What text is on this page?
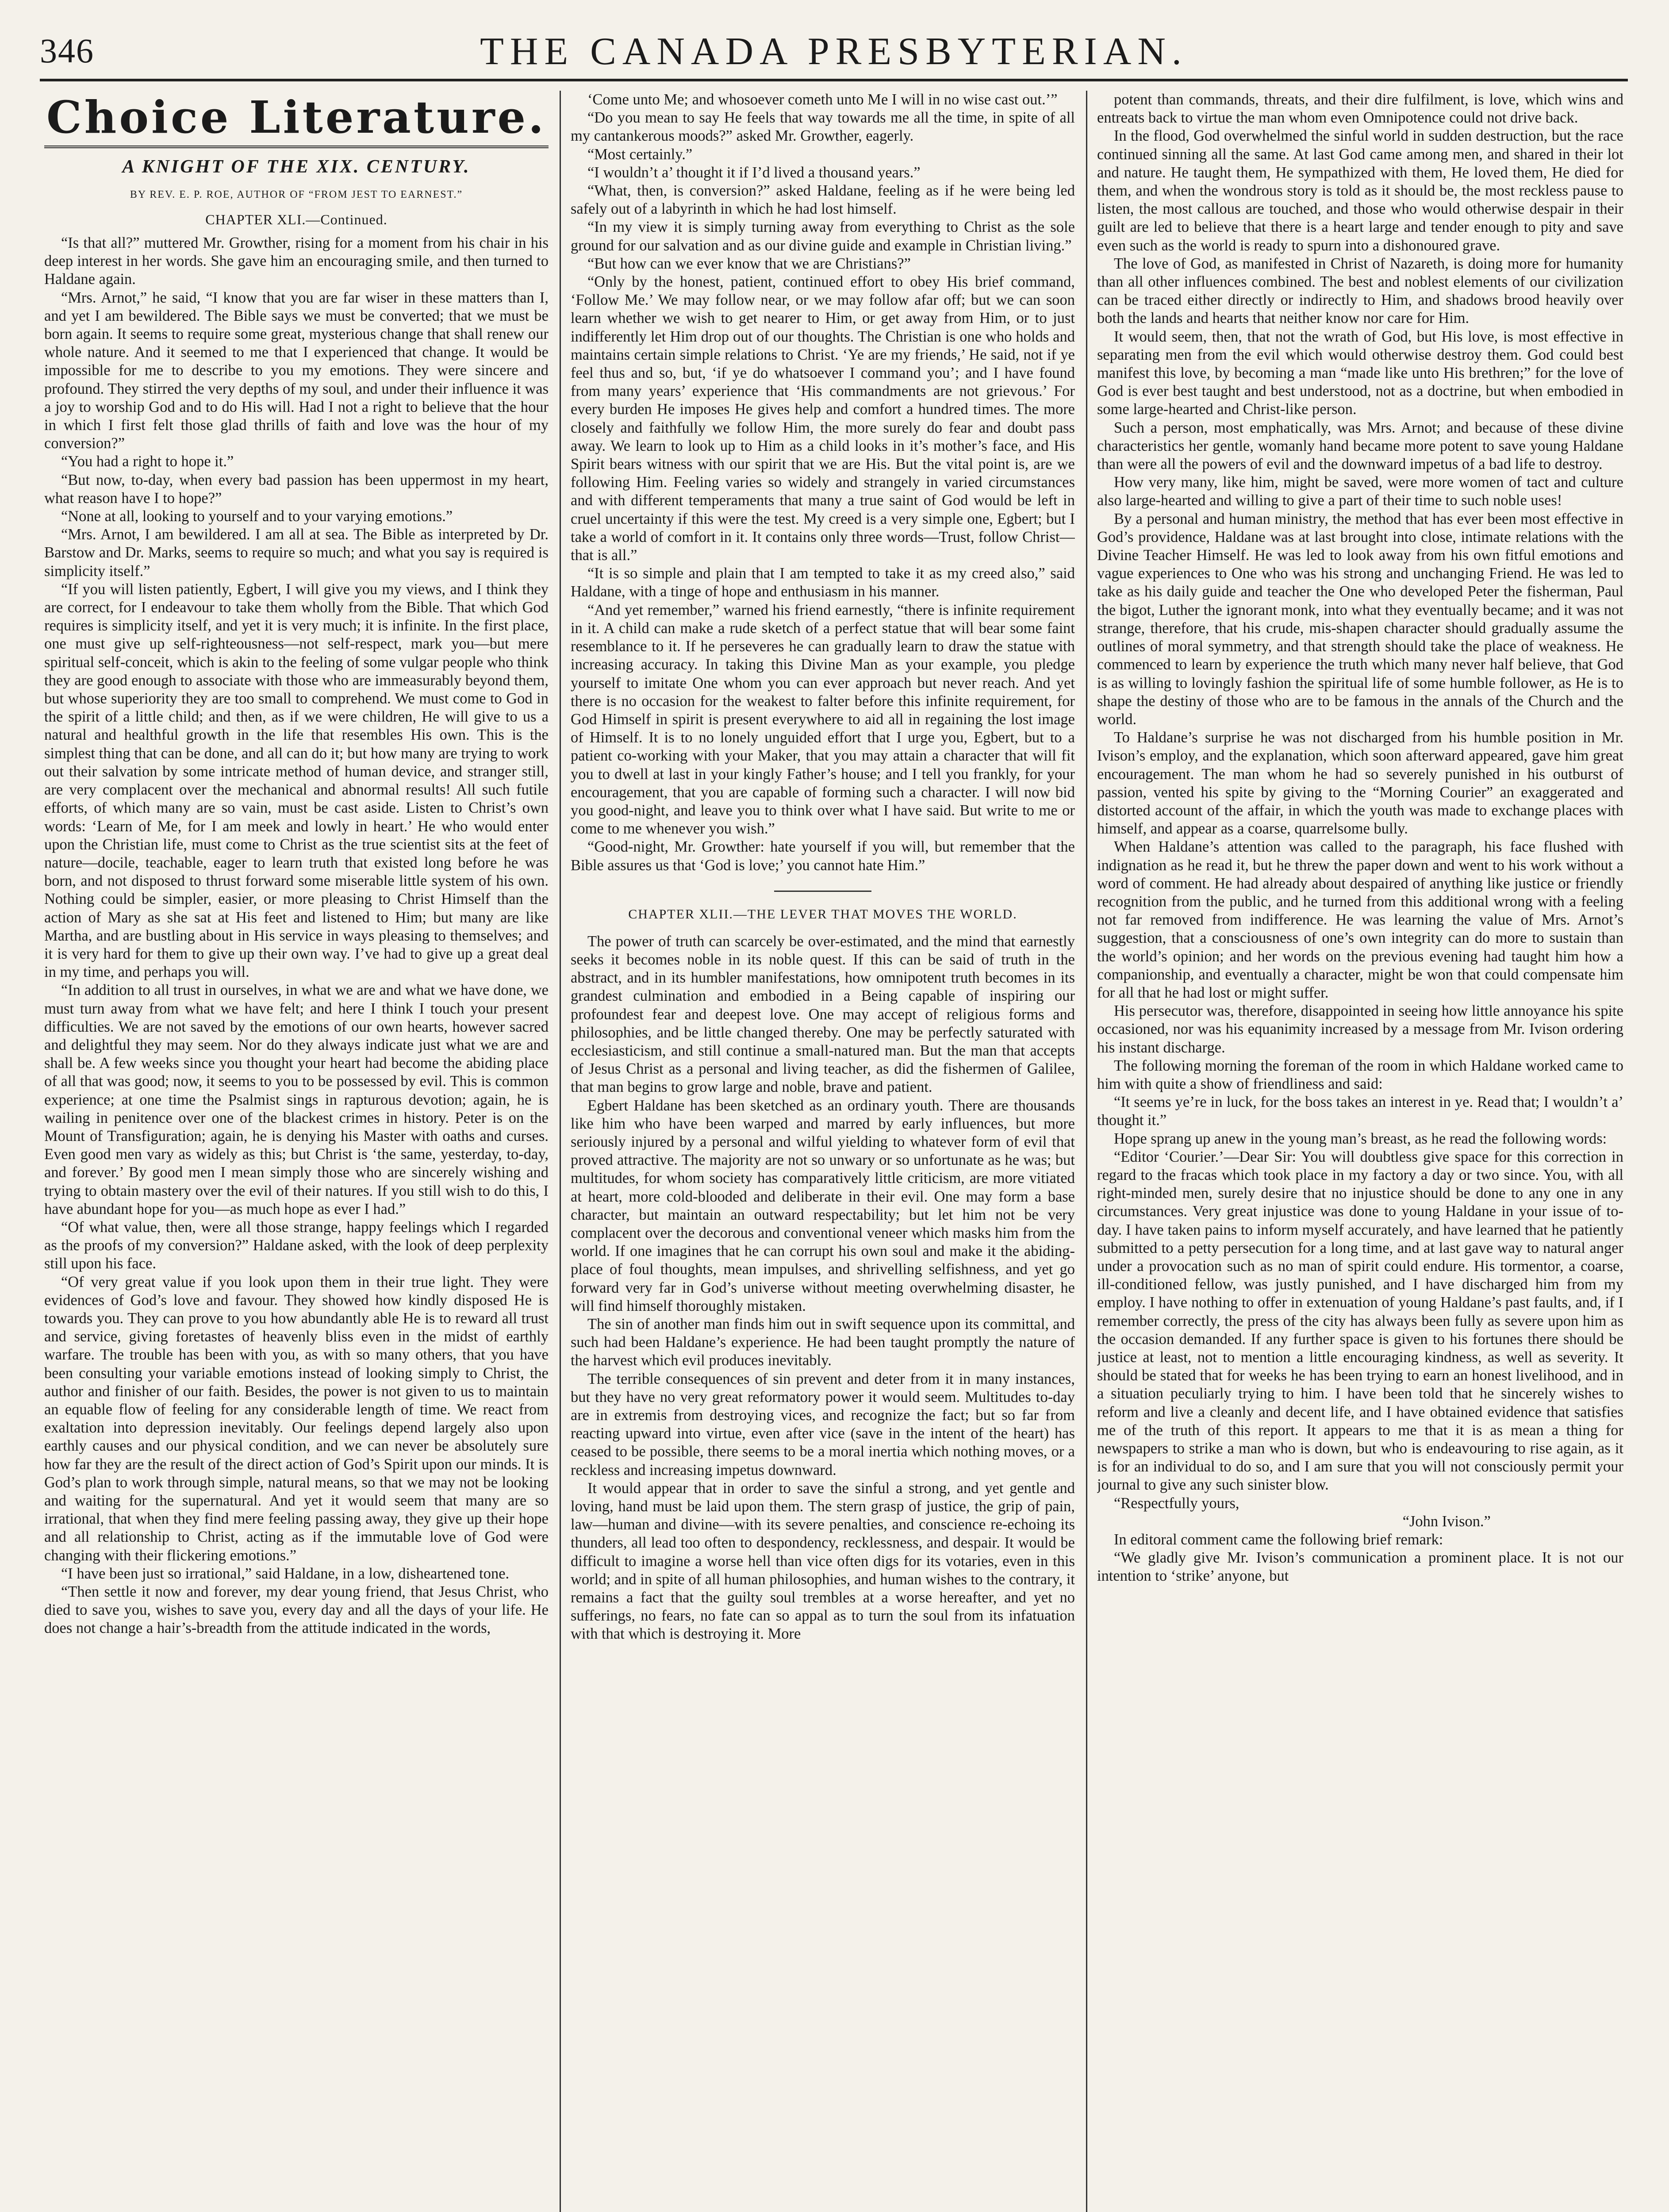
346	THE CANADA PRESBYTERIAN.
Choice Literature.
A KNIGHT OF THE XIX. CENTURY.
BY REV. E. P. ROE, AUTHOR OF “FROM JEST TO EARNEST.”
CHAPTER XLI.—Continued.

“Is that all?” muttered Mr. Growther, rising for a moment from his chair in his deep interest in her words. She gave him an encouraging smile, and then turned to Haldane again.

“Mrs. Arnot,” he said, “I know that you are far wiser in these matters than I, and yet I am bewildered. The Bible says we must be converted; that we must be born again. It seems to require some great, mysterious change that shall renew our whole nature. And it seemed to me that I experienced that change. It would be impossible for me to describe to you my emotions. They were sincere and profound. They stirred the very depths of my soul, and under their influence it was a joy to worship God and to do His will. Had I not a right to believe that the hour in which I first felt those glad thrills of faith and love was the hour of my conversion?”

“You had a right to hope it.”

“But now, to-day, when every bad passion has been uppermost in my heart, what reason have I to hope?”

“None at all, looking to yourself and to your varying emotions.”

“Mrs. Arnot, I am bewildered. I am all at sea. The Bible as interpreted by Dr. Barstow and Dr. Marks, seems to require so much; and what you say is required is simplicity itself.”

“If you will listen patiently, Egbert, I will give you my views, and I think they are correct, for I endeavour to take them wholly from the Bible. That which God requires is simplicity itself, and yet it is very much; it is infinite. In the first place, one must give up self-righteousness—not self-respect, mark you—but mere spiritual self-conceit, which is akin to the feeling of some vulgar people who think they are good enough to associate with those who are immeasurably beyond them, but whose superiority they are too small to comprehend. We must come to God in the spirit of a little child; and then, as if we were children, He will give to us a natural and healthful growth in the life that resembles His own. This is the simplest thing that can be done, and all can do it; but how many are trying to work out their salvation by some intricate method of human device, and stranger still, are very complacent over the mechanical and abnormal results! All such futile efforts, of which many are so vain, must be cast aside. Listen to Christ’s own words: ‘Learn of Me, for I am meek and lowly in heart.’ He who would enter upon the Christian life, must come to Christ as the true scientist sits at the feet of nature—docile, teachable, eager to learn truth that existed long before he was born, and not disposed to thrust forward some miserable little system of his own. Nothing could be simpler, easier, or more pleasing to Christ Himself than the action of Mary as she sat at His feet and listened to Him; but many are like Martha, and are bustling about in His service in ways pleasing to themselves; and it is very hard for them to give up their own way. I’ve had to give up a great deal in my time, and perhaps you will.

“In addition to all trust in ourselves, in what we are and what we have done, we must turn away from what we have felt; and here I think I touch your present difficulties. We are not saved by the emotions of our own hearts, however sacred and delightful they may seem. Nor do they always indicate just what we are and shall be. A few weeks since you thought your heart had become the abiding place of all that was good; now, it seems to you to be possessed by evil. This is common experience; at one time the Psalmist sings in rapturous devotion; again, he is wailing in penitence over one of the blackest crimes in history. Peter is on the Mount of Transfiguration; again, he is denying his Master with oaths and curses. Even good men vary as widely as this; but Christ is ‘the same, yesterday, to-day, and forever.’ By good men I mean simply those who are sincerely wishing and trying to obtain mastery over the evil of their natures. If you still wish to do this, I have abundant hope for you—as much hope as ever I had.”

“Of what value, then, were all those strange, happy feelings which I regarded as the proofs of my conversion?” Haldane asked, with the look of deep perplexity still upon his face.

“Of very great value if you look upon them in their true light. They were evidences of God’s love and favour. They showed how kindly disposed He is towards you. They can prove to you how abundantly able He is to reward all trust and service, giving foretastes of heavenly bliss even in the midst of earthly warfare. The trouble has been with you, as with so many others, that you have been consulting your variable emotions instead of looking simply to Christ, the author and finisher of our faith. Besides, the power is not given to us to maintain an equable flow of feeling for any considerable length of time. We react from exaltation into depression inevitably. Our feelings depend largely also upon earthly causes and our physical condition, and we can never be absolutely sure how far they are the result of the direct action of God’s Spirit upon our minds. It is God’s plan to work through simple, natural means, so that we may not be looking and waiting for the supernatural. And yet it would seem that many are so irrational, that when they find mere feeling passing away, they give up their hope and all relationship to Christ, acting as if the immutable love of God were changing with their flickering emotions.”

“I have been just so irrational,” said Haldane, in a low, disheartened tone.

“Then settle it now and forever, my dear young friend, that Jesus Christ, who died to save you, wishes to save you, every day and all the days of your life. He does not change a hair’s-breadth from the attitude indicated in the words,

‘Come unto Me; and whosoever cometh unto Me I will in no wise cast out.’”

“Do you mean to say He feels that way towards me all the time, in spite of all my cantankerous moods?” asked Mr. Growther, eagerly.

“Most certainly.”

“I wouldn’t a’ thought it if I’d lived a thousand years.”

“What, then, is conversion?” asked Haldane, feeling as if he were being led safely out of a labyrinth in which he had lost himself.

“In my view it is simply turning away from everything to Christ as the sole ground for our salvation and as our divine guide and example in Christian living.”

“But how can we ever know that we are Christians?”

“Only by the honest, patient, continued effort to obey His brief command, ‘Follow Me.’ We may follow near, or we may follow afar off; but we can soon learn whether we wish to get nearer to Him, or get away from Him, or to just indifferently let Him drop out of our thoughts. The Christian is one who holds and maintains certain simple relations to Christ. ‘Ye are my friends,’ He said, not if ye feel thus and so, but, ‘if ye do whatsoever I command you’; and I have found from many years’ experience that ‘His commandments are not grievous.’ For every burden He imposes He gives help and comfort a hundred times. The more closely and faithfully we follow Him, the more surely do fear and doubt pass away. We learn to look up to Him as a child looks in it’s mother’s face, and His Spirit bears witness with our spirit that we are His. But the vital point is, are we following Him. Feeling varies so widely and strangely in varied circumstances and with different temperaments that many a true saint of God would be left in cruel uncertainty if this were the test. My creed is a very simple one, Egbert; but I take a world of comfort in it. It contains only three words—Trust, follow Christ—that is all.”

“It is so simple and plain that I am tempted to take it as my creed also,” said Haldane, with a tinge of hope and enthusiasm in his manner.

“And yet remember,” warned his friend earnestly, “there is infinite requirement in it. A child can make a rude sketch of a perfect statue that will bear some faint resemblance to it. If he perseveres he can gradually learn to draw the statue with increasing accuracy. In taking this Divine Man as your example, you pledge yourself to imitate One whom you can ever approach but never reach. And yet there is no occasion for the weakest to falter before this infinite requirement, for God Himself in spirit is present everywhere to aid all in regaining the lost image of Himself. It is to no lonely unguided effort that I urge you, Egbert, but to a patient co-working with your Maker, that you may attain a character that will fit you to dwell at last in your kingly Father’s house; and I tell you frankly, for your encouragement, that you are capable of forming such a character. I will now bid you good-night, and leave you to think over what I have said. But write to me or come to me whenever you wish.”

“Good-night, Mr. Growther: hate yourself if you will, but remember that the Bible assures us that ‘God is love;’ you cannot hate Him.”

CHAPTER XLII.—THE LEVER THAT MOVES THE WORLD.

The power of truth can scarcely be over-estimated, and the mind that earnestly seeks it becomes noble in its noble quest. If this can be said of truth in the abstract, and in its humbler manifestations, how omnipotent truth becomes in its grandest culmination and embodied in a Being capable of inspiring our profoundest fear and deepest love. One may accept of religious forms and philosophies, and be little changed thereby. One may be perfectly saturated with ecclesiasticism, and still continue a small-natured man. But the man that accepts of Jesus Christ as a personal and living teacher, as did the fishermen of Galilee, that man begins to grow large and noble, brave and patient.

Egbert Haldane has been sketched as an ordinary youth. There are thousands like him who have been warped and marred by early influences, but more seriously injured by a personal and wilful yielding to whatever form of evil that proved attractive. The majority are not so unwary or so unfortunate as he was; but multitudes, for whom society has comparatively little criticism, are more vitiated at heart, more cold-blooded and deliberate in their evil. One may form a base character, but maintain an outward respectability; but let him not be very complacent over the decorous and conventional veneer which masks him from the world. If one imagines that he can corrupt his own soul and make it the abiding-place of foul thoughts, mean impulses, and shrivelling selfishness, and yet go forward very far in God’s universe without meeting overwhelming disaster, he will find himself thoroughly mistaken.

The sin of another man finds him out in swift sequence upon its committal, and such had been Haldane’s experience. He had been taught promptly the nature of the harvest which evil produces inevitably.

The terrible consequences of sin prevent and deter from it in many instances, but they have no very great reformatory power it would seem. Multitudes to-day are in extremis from destroying vices, and recognize the fact; but so far from reacting upward into virtue, even after vice (save in the intent of the heart) has ceased to be possible, there seems to be a moral inertia which nothing moves, or a reckless and increasing impetus downward.

It would appear that in order to save the sinful a strong, and yet gentle and loving, hand must be laid upon them. The stern grasp of justice, the grip of pain, law—human and divine—with its severe penalties, and conscience re-echoing its thunders, all lead too often to despondency, recklessness, and despair. It would be difficult to imagine a worse hell than vice often digs for its votaries, even in this world; and in spite of all human philosophies, and human wishes to the contrary, it remains a fact that the guilty soul trembles at a worse hereafter, and yet no sufferings, no fears, no fate can so appal as to turn the soul from its infatuation with that which is destroying it. More

potent than commands, threats, and their dire fulfilment, is love, which wins and entreats back to virtue the man whom even Omnipotence could not drive back.

In the flood, God overwhelmed the sinful world in sudden destruction, but the race continued sinning all the same. At last God came among men, and shared in their lot and nature. He taught them, He sympathized with them, He loved them, He died for them, and when the wondrous story is told as it should be, the most reckless pause to listen, the most callous are touched, and those who would otherwise despair in their guilt are led to believe that there is a heart large and tender enough to pity and save even such as the world is ready to spurn into a dishonoured grave.

The love of God, as manifested in Christ of Nazareth, is doing more for humanity than all other influences combined. The best and noblest elements of our civilization can be traced either directly or indirectly to Him, and shadows brood heavily over both the lands and hearts that neither know nor care for Him.

It would seem, then, that not the wrath of God, but His love, is most effective in separating men from the evil which would otherwise destroy them. God could best manifest this love, by becoming a man “made like unto His brethren;” for the love of God is ever best taught and best understood, not as a doctrine, but when embodied in some large-hearted and Christ-like person.

Such a person, most emphatically, was Mrs. Arnot; and because of these divine characteristics her gentle, womanly hand became more potent to save young Haldane than were all the powers of evil and the downward impetus of a bad life to destroy.

How very many, like him, might be saved, were more women of tact and culture also large-hearted and willing to give a part of their time to such noble uses!

By a personal and human ministry, the method that has ever been most effective in God’s providence, Haldane was at last brought into close, intimate relations with the Divine Teacher Himself. He was led to look away from his own fitful emotions and vague experiences to One who was his strong and unchanging Friend. He was led to take as his daily guide and teacher the One who developed Peter the fisherman, Paul the bigot, Luther the ignorant monk, into what they eventually became; and it was not strange, therefore, that his crude, mis-shapen character should gradually assume the outlines of moral symmetry, and that strength should take the place of weakness. He commenced to learn by experience the truth which many never half believe, that God is as willing to lovingly fashion the spiritual life of some humble follower, as He is to shape the destiny of those who are to be famous in the annals of the Church and the world.

To Haldane’s surprise he was not discharged from his humble position in Mr. Ivison’s employ, and the explanation, which soon afterward appeared, gave him great encouragement. The man whom he had so severely punished in his outburst of passion, vented his spite by giving to the “Morning Courier” an exaggerated and distorted account of the affair, in which the youth was made to exchange places with himself, and appear as a coarse, quarrelsome bully.

When Haldane’s attention was called to the paragraph, his face flushed with indignation as he read it, but he threw the paper down and went to his work without a word of comment. He had already about despaired of anything like justice or friendly recognition from the public, and he turned from this additional wrong with a feeling not far removed from indifference. He was learning the value of Mrs. Arnot’s suggestion, that a consciousness of one’s own integrity can do more to sustain than the world’s opinion; and her words on the previous evening had taught him how a companionship, and eventually a character, might be won that could compensate him for all that he had lost or might suffer.

His persecutor was, therefore, disappointed in seeing how little annoyance his spite occasioned, nor was his equanimity increased by a message from Mr. Ivison ordering his instant discharge.

The following morning the foreman of the room in which Haldane worked came to him with quite a show of friendliness and said:

“It seems ye’re in luck, for the boss takes an interest in ye. Read that; I wouldn’t a’ thought it.”

Hope sprang up anew in the young man’s breast, as he read the following words:

“Editor ‘Courier.’—Dear Sir: You will doubtless give space for this correction in regard to the fracas which took place in my factory a day or two since. You, with all right-minded men, surely desire that no injustice should be done to any one in any circumstances. Very great injustice was done to young Haldane in your issue of to-day. I have taken pains to inform myself accurately, and have learned that he patiently submitted to a petty persecution for a long time, and at last gave way to natural anger under a provocation such as no man of spirit could endure. His tormentor, a coarse, ill-conditioned fellow, was justly punished, and I have discharged him from my employ. I have nothing to offer in extenuation of young Haldane’s past faults, and, if I remember correctly, the press of the city has always been fully as severe upon him as the occasion demanded. If any further space is given to his fortunes there should be justice at least, not to mention a little encouraging kindness, as well as severity. It should be stated that for weeks he has been trying to earn an honest livelihood, and in a situation peculiarly trying to him. I have been told that he sincerely wishes to reform and live a cleanly and decent life, and I have obtained evidence that satisfies me of the truth of this report. It appears to me that it is as mean a thing for newspapers to strike a man who is down, but who is endeavouring to rise again, as it is for an individual to do so, and I am sure that you will not consciously permit your journal to give any such sinister blow.

“Respectfully yours,

“John Ivison.”

In editoral comment came the following brief remark:

“We gladly give Mr. Ivison’s communication a prominent place. It is not our intention to ‘strike’ anyone, but
